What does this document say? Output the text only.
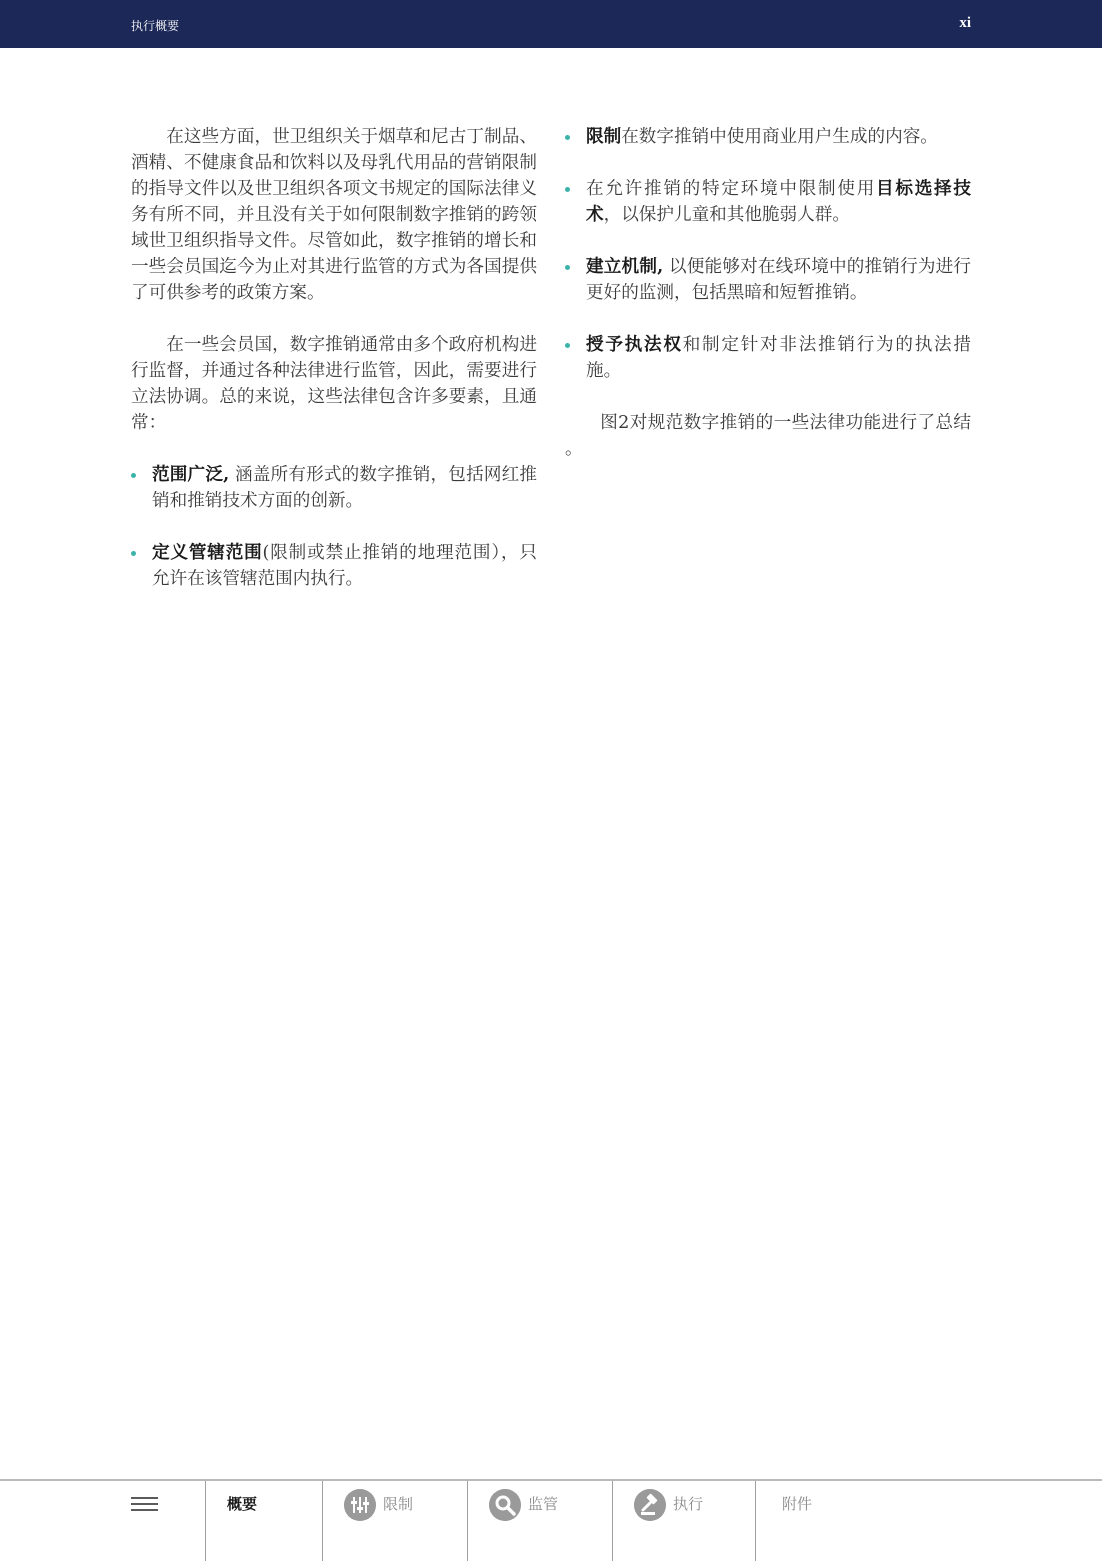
执行概要	xi

在这些方面，世卫组织关于烟草和尼古丁制品、酒精、不健康食品和饮料以及母乳代用品的营销限制的指导文件以及世卫组织各项文书规定的国际法律义务有所不同，并且没有关于如何限制数字推销的跨领域世卫组织指导文件。尽管如此，数字推销的增长和一些会员国迄今为止对其进行监管的方式为各国提供了可供参考的政策方案。

在一些会员国，数字推销通常由多个政府机构进行监督，并通过各种法律进行监管，因此，需要进行立法协调。总的来说，这些法律包含许多要素，且通常：

范围广泛, 涵盖所有形式的数字推销，包括网红推销和推销技术方面的创新。
定义管辖范围(限制或禁止推销的地理范围），只允许在该管辖范围内执行。
限制在数字推销中使用商业用户生成的内容。
在允许推销的特定环境中限制使用目标选择技术，以保护儿童和其他脆弱人群。
建立机制, 以便能够对在线环境中的推销行为进行更好的监测，包括黑暗和短暂推销。
授予执法权和制定针对非法推销行为的执法措施。

图2对规范数字推销的一些法律功能进行了总结 。

概要	限制	监管	执行	附件
